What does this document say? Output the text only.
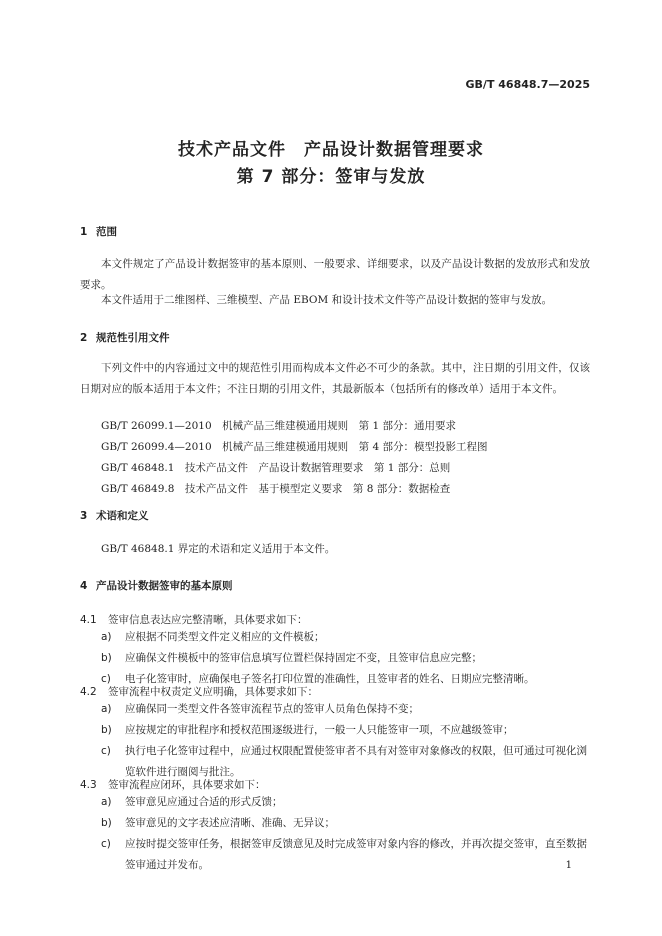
GB/T 46848.7—2025
技术产品文件　产品设计数据管理要求
第 7 部分：签审与发放
1 范围
本文件规定了产品设计数据签审的基本原则、一般要求、详细要求，以及产品设计数据的发放形式和发放要求。
本文件适用于二维图样、三维模型、产品 EBOM 和设计技术文件等产品设计数据的签审与发放。
2 规范性引用文件
下列文件中的内容通过文中的规范性引用而构成本文件必不可少的条款。其中，注日期的引用文件，仅该日期对应的版本适用于本文件；不注日期的引用文件，其最新版本（包括所有的修改单）适用于本文件。
GB/T 26099.1—2010　机械产品三维建模通用规则　第 1 部分：通用要求
GB/T 26099.4—2010　机械产品三维建模通用规则　第 4 部分：模型投影工程图
GB/T 46848.1　技术产品文件　产品设计数据管理要求　第 1 部分：总则
GB/T 46849.8　技术产品文件　基于模型定义要求　第 8 部分：数据检查
3 术语和定义
GB/T 46848.1 界定的术语和定义适用于本文件。
4 产品设计数据签审的基本原则
4.1 签审信息表达应完整清晰，具体要求如下：
a) 应根据不同类型文件定义相应的文件模板；
b) 应确保文件模板中的签审信息填写位置栏保持固定不变，且签审信息应完整；
c) 电子化签审时，应确保电子签名打印位置的准确性，且签审者的姓名、日期应完整清晰。
4.2 签审流程中权责定义应明确，具体要求如下：
a) 应确保同一类型文件各签审流程节点的签审人员角色保持不变；
b) 应按规定的审批程序和授权范围逐级进行，一般一人只能签审一项，不应越级签审；
c) 执行电子化签审过程中，应通过权限配置使签审者不具有对签审对象修改的权限，但可通过可视化浏览软件进行圈阅与批注。
4.3 签审流程应闭环，具体要求如下：
a) 签审意见应通过合适的形式反馈；
b) 签审意见的文字表述应清晰、准确、无异议；
c) 应按时提交签审任务，根据签审反馈意见及时完成签审对象内容的修改，并再次提交签审，直至数据签审通过并发布。	1
